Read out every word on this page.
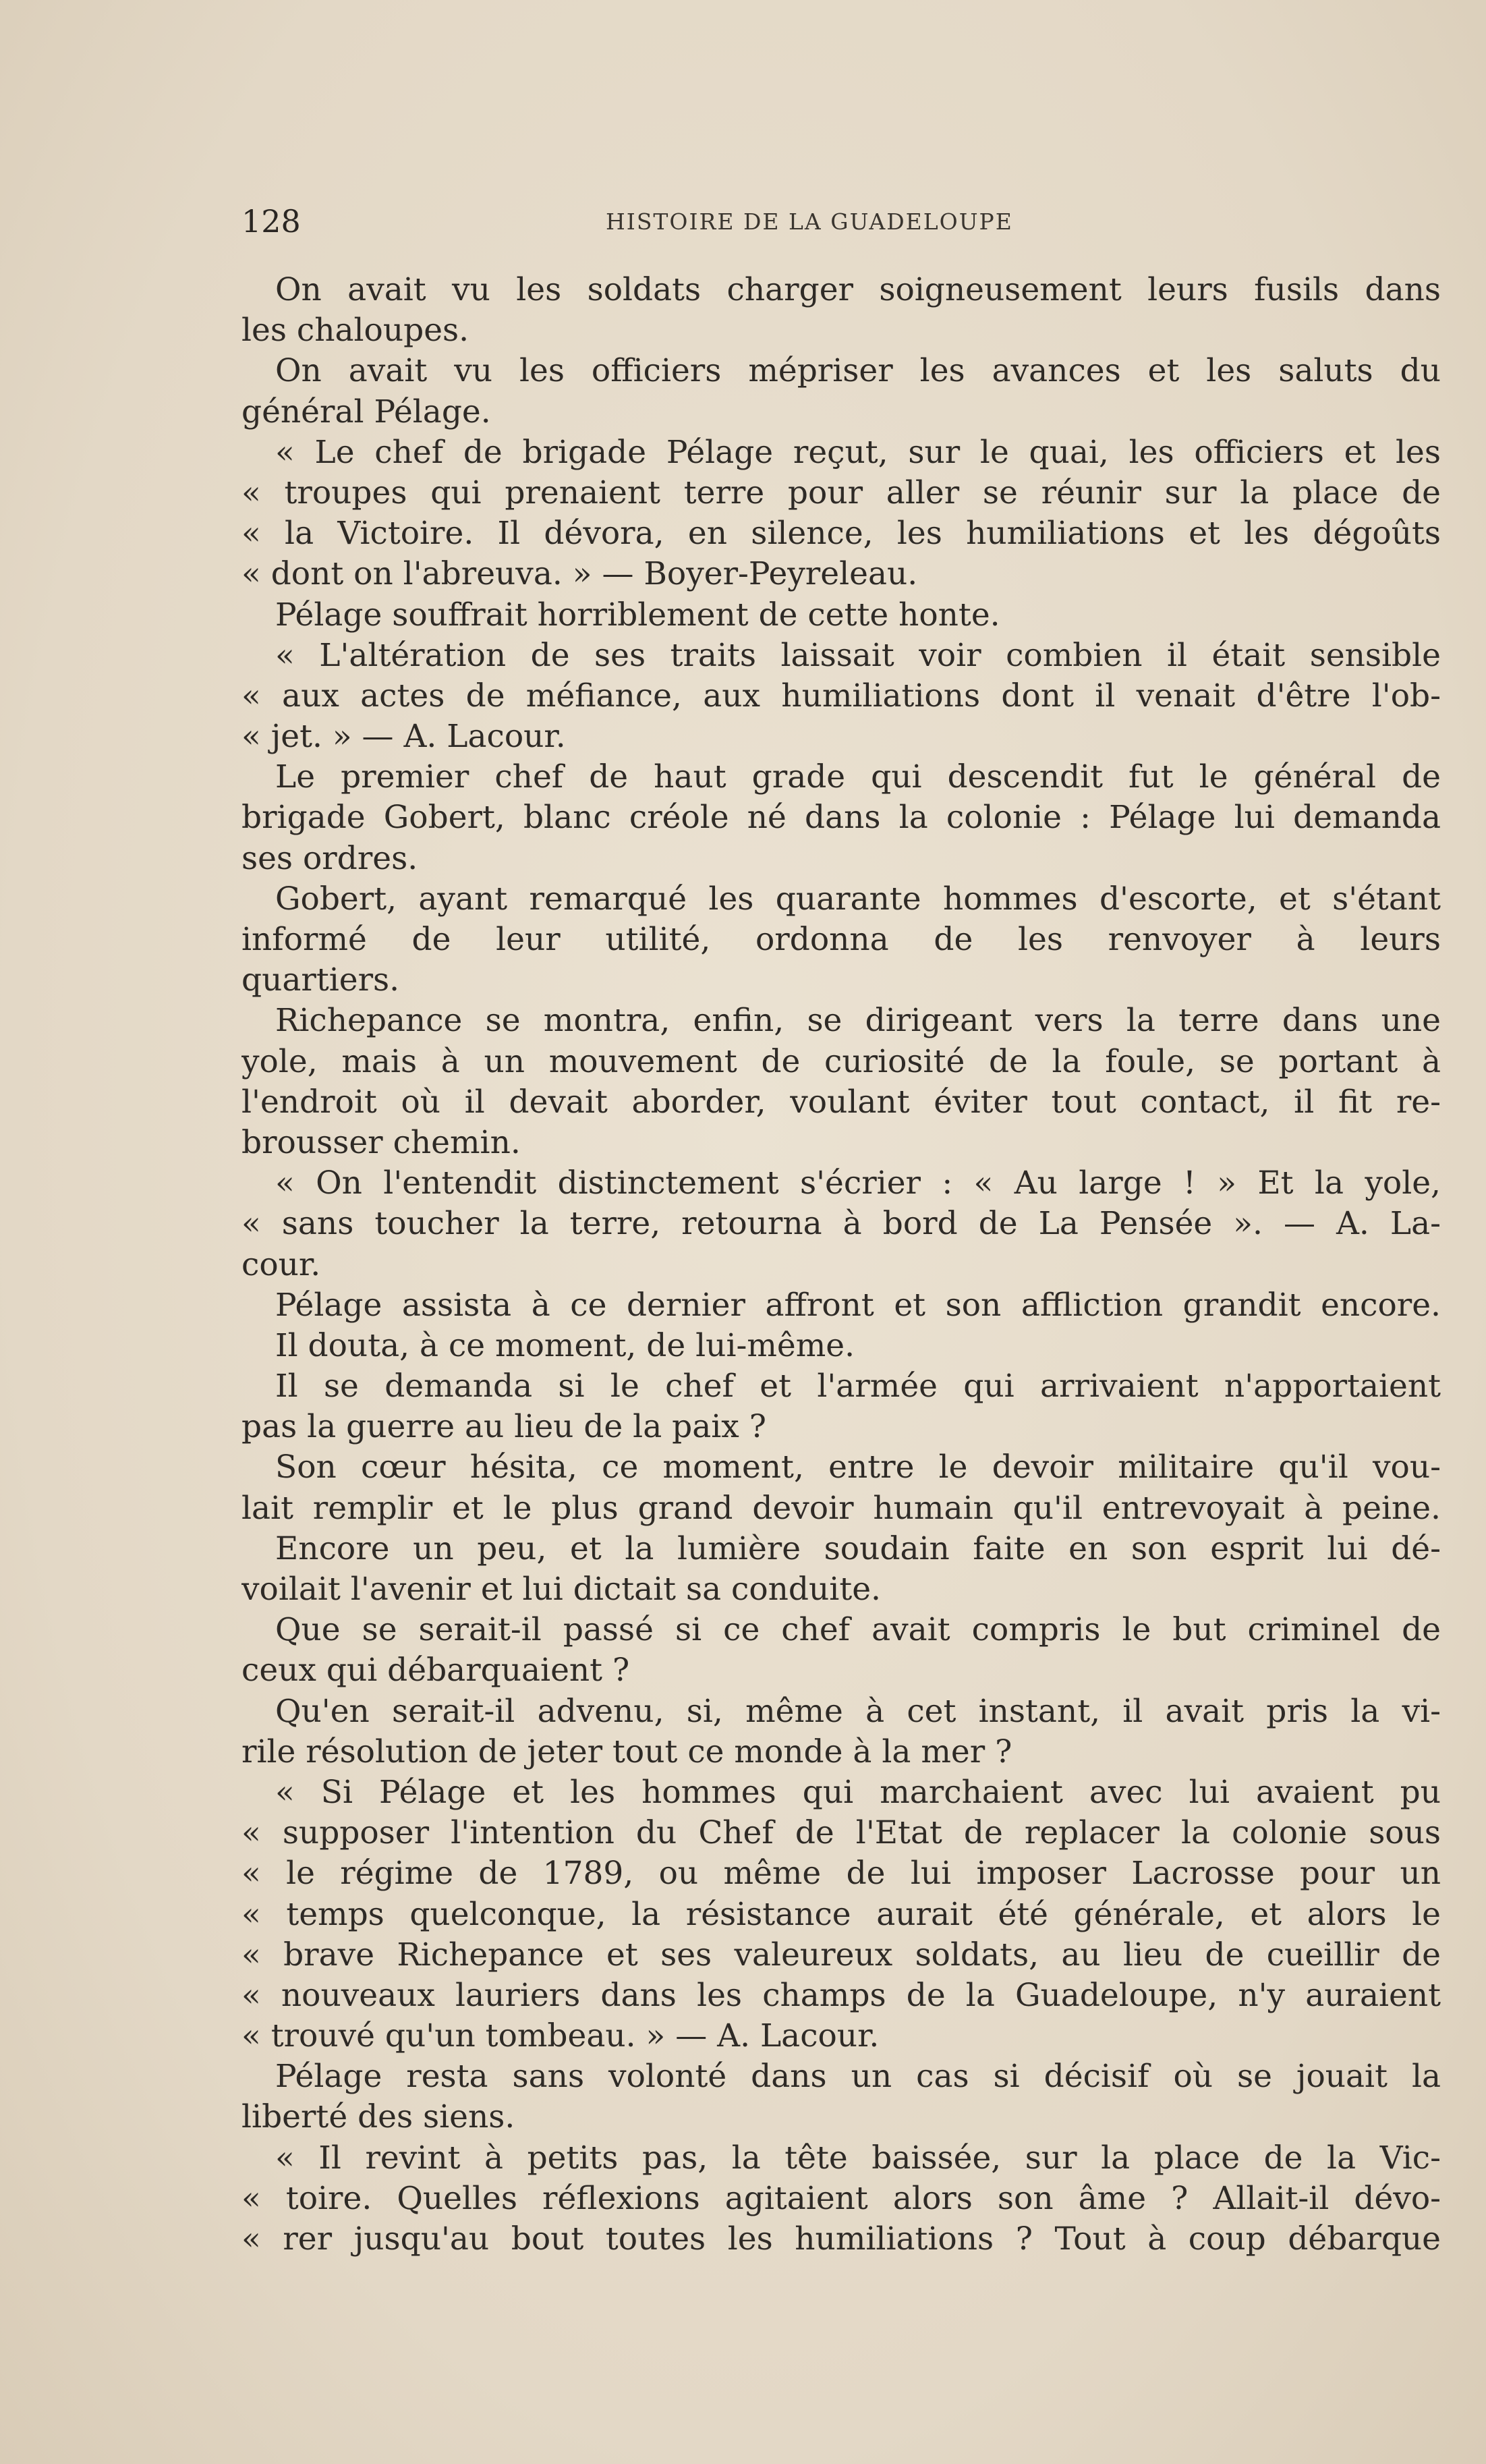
128	HISTOIRE DE LA GUADELOUPE
On avait vu les soldats charger soigneusement leurs fusils dans
les chaloupes.
On avait vu les officiers mépriser les avances et les saluts du
général Pélage.
« Le chef de brigade Pélage reçut, sur le quai, les officiers et les
« troupes qui prenaient terre pour aller se réunir sur la place de
« la Victoire. Il dévora, en silence, les humiliations et les dégoûts
« dont on l'abreuva. » — Boyer-Peyreleau.
Pélage souffrait horriblement de cette honte.
« L'altération de ses traits laissait voir combien il était sensible
« aux actes de méfiance, aux humiliations dont il venait d'être l'ob-
« jet. » — A. Lacour.
Le premier chef de haut grade qui descendit fut le général de
brigade Gobert, blanc créole né dans la colonie : Pélage lui demanda
ses ordres.
Gobert, ayant remarqué les quarante hommes d'escorte, et s'étant
informé de leur utilité, ordonna de les renvoyer à leurs
quartiers.
Richepance se montra, enfin, se dirigeant vers la terre dans une
yole, mais à un mouvement de curiosité de la foule, se portant à
l'endroit où il devait aborder, voulant éviter tout contact, il fit re-
brousser chemin.
« On l'entendit distinctement s'écrier : « Au large ! » Et la yole,
« sans toucher la terre, retourna à bord de La Pensée ». — A. La-
cour.
Pélage assista à ce dernier affront et son affliction grandit encore.
Il douta, à ce moment, de lui-même.
Il se demanda si le chef et l'armée qui arrivaient n'apportaient
pas la guerre au lieu de la paix ?
Son cœur hésita, ce moment, entre le devoir militaire qu'il vou-
lait remplir et le plus grand devoir humain qu'il entrevoyait à peine.
Encore un peu, et la lumière soudain faite en son esprit lui dé-
voilait l'avenir et lui dictait sa conduite.
Que se serait-il passé si ce chef avait compris le but criminel de
ceux qui débarquaient ?
Qu'en serait-il advenu, si, même à cet instant, il avait pris la vi-
rile résolution de jeter tout ce monde à la mer ?
« Si Pélage et les hommes qui marchaient avec lui avaient pu
« supposer l'intention du Chef de l'Etat de replacer la colonie sous
« le régime de 1789, ou même de lui imposer Lacrosse pour un
« temps quelconque, la résistance aurait été générale, et alors le
« brave Richepance et ses valeureux soldats, au lieu de cueillir de
« nouveaux lauriers dans les champs de la Guadeloupe, n'y auraient
« trouvé qu'un tombeau. » — A. Lacour.
Pélage resta sans volonté dans un cas si décisif où se jouait la
liberté des siens.
« Il revint à petits pas, la tête baissée, sur la place de la Vic-
« toire. Quelles réflexions agitaient alors son âme ? Allait-il dévo-
« rer jusqu'au bout toutes les humiliations ? Tout à coup débarque
